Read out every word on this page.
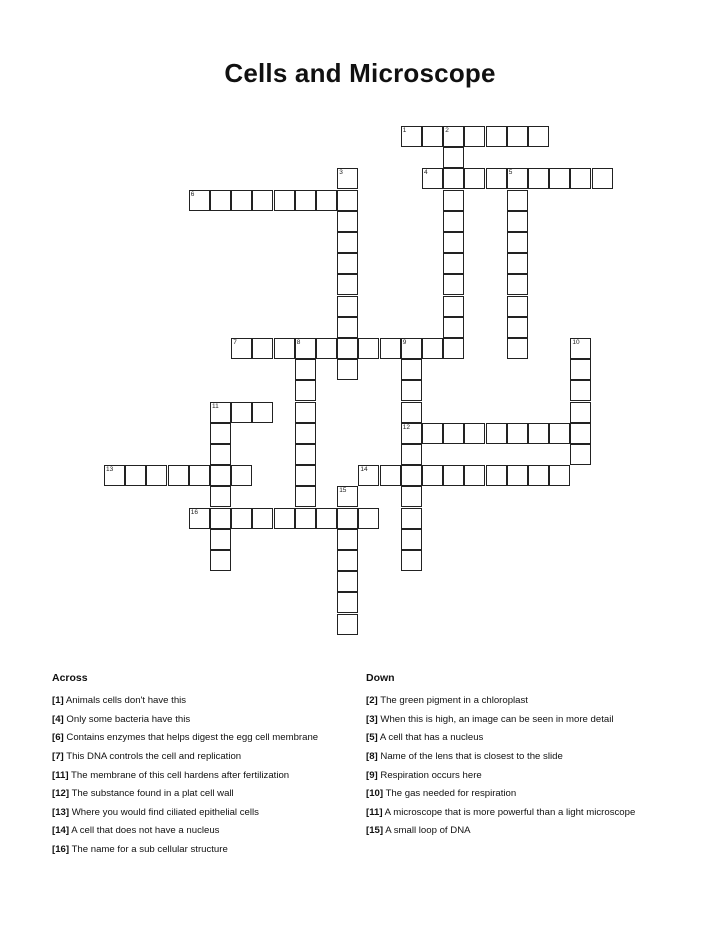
Cells and Microscope
1	2
3	4	5
6
7	8	9
12
10
11
13	14
15
16
Across
[1] Animals cells don't have this
[4] Only some bacteria have this
[6] Contains enzymes that helps digest the egg cell membrane
[7] This DNA controls the cell and replication
[11] The membrane of this cell hardens after fertilization
[12] The substance found in a plat cell wall
[13] Where you would find ciliated epithelial cells
[14] A cell that does not have a nucleus
[16] The name for a sub cellular structure
Down
[2] The green pigment in a chloroplast
[3] When this is high, an image can be seen in more detail
[5] A cell that has a nucleus
[8] Name of the lens that is closest to the slide
[9] Respiration occurs here
[10] The gas needed for respiration
[11] A microscope that is more powerful than a light microscope
[15] A small loop of DNA
